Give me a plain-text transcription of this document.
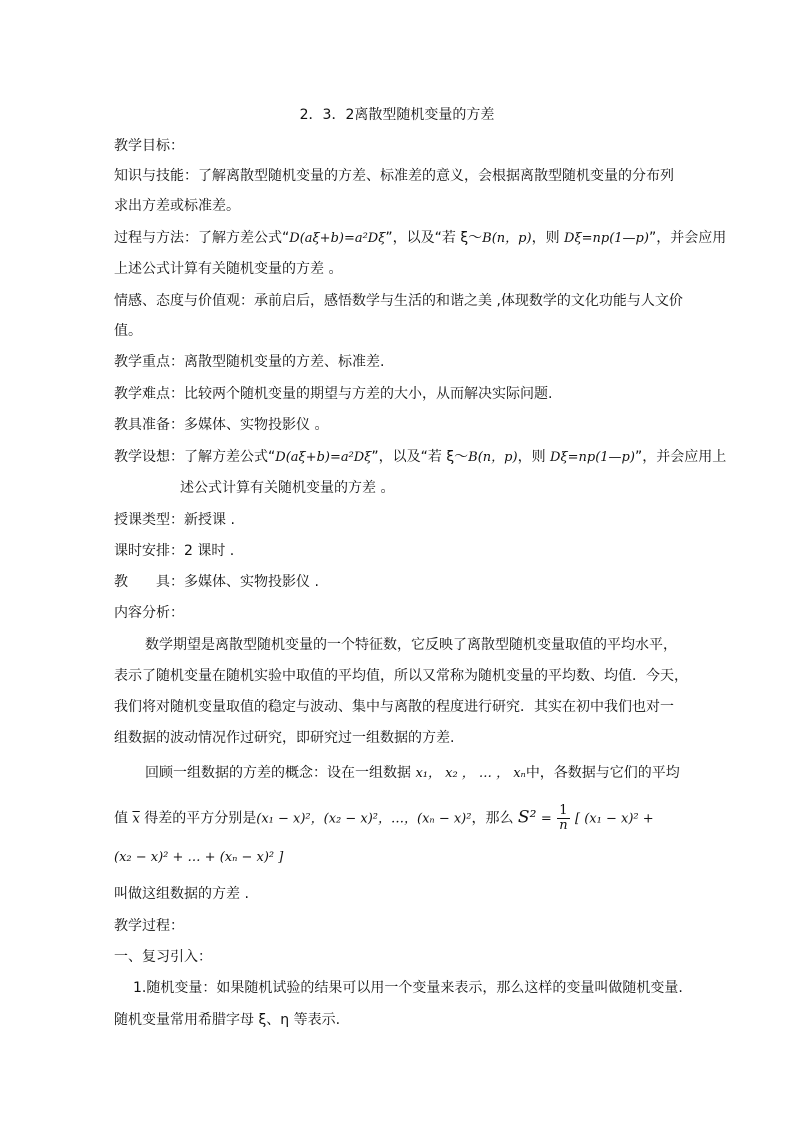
2．3．2离散型随机变量的方差
教学目标：
知识与技能：了解离散型随机变量的方差、标准差的意义，会根据离散型随机变量的分布列
求出方差或标准差。
过程与方法：了解方差公式“D(aξ+b)=a²Dξ”，以及“若 ξ～B(n，p)，则 Dξ=np(1—p)”，并会应用
上述公式计算有关随机变量的方差 。
情感、态度与价值观：承前启后，感悟数学与生活的和谐之美 ,体现数学的文化功能与人文价
值。
教学重点：离散型随机变量的方差、标准差.
教学难点：比较两个随机变量的期望与方差的大小，从而解决实际问题.
教具准备：多媒体、实物投影仪 。
教学设想：了解方差公式“D(aξ+b)=a²Dξ”，以及“若 ξ～B(n，p)，则 Dξ=np(1—p)”，并会应用上
述公式计算有关随机变量的方差 。
授课类型：新授课 .
课时安排：2 课时 .
教　　具：多媒体、实物投影仪 .
内容分析：
数学期望是离散型随机变量的一个特征数，它反映了离散型随机变量取值的平均水平，
表示了随机变量在随机实验中取值的平均值，所以又常称为随机变量的平均数、均值．今天，
我们将对随机变量取值的稳定与波动、集中与离散的程度进行研究．其实在初中我们也对一
组数据的波动情况作过研究，即研究过一组数据的方差.
回顾一组数据的方差的概念：设在一组数据 x₁， x₂ ， … ， xₙ中，各数据与它们的平均
值 $\overline{x}$ 得差的平方分别是(x₁ − x)²，(x₂ − x)²，…，(xₙ − x)²，那么 $S^2 = \frac{1}{n}$ [ (x₁ − x)² +
(x₂ − x)² + … + (xₙ − x)² ]
叫做这组数据的方差 .
教学过程：
一、复习引入：
1.随机变量：如果随机试验的结果可以用一个变量来表示，那么这样的变量叫做随机变量.
随机变量常用希腊字母 ξ、η 等表示.
